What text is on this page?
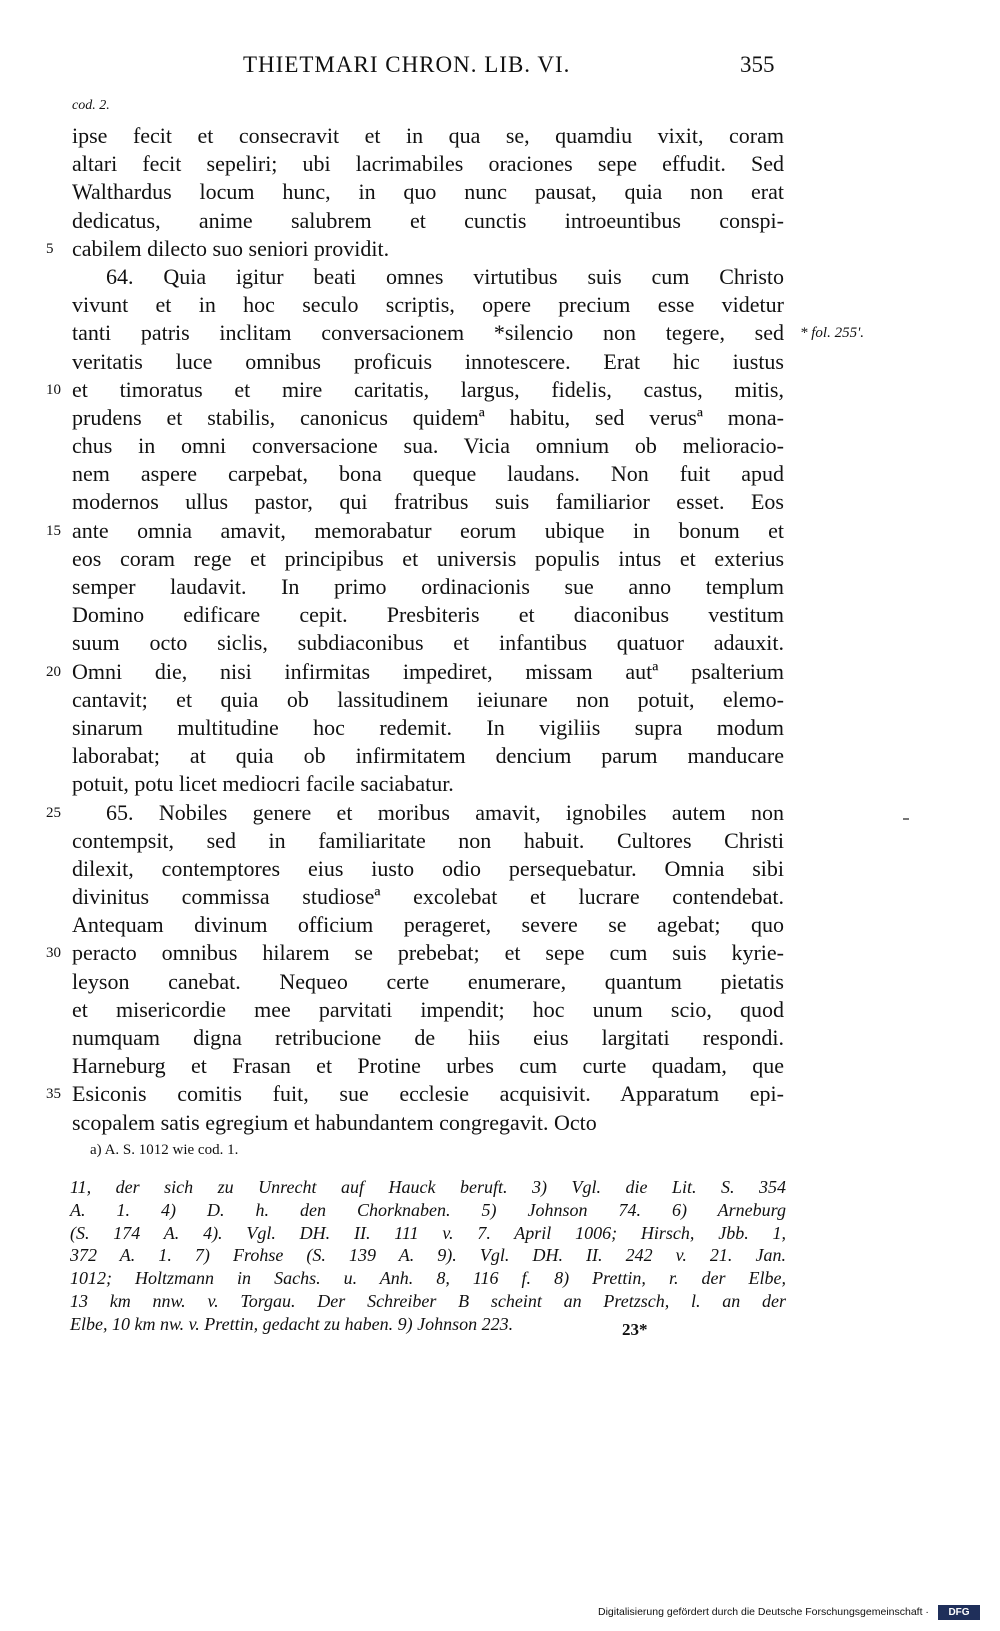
THIETMARI CHRON. LIB. VI.	355
cod. 2.
ipse fecit et consecravit et in qua se, quamdiu vixit, coram
altari fecit sepeliri; ubi lacrimabiles oraciones sepe effudit. Sed
Walthardus locum hunc, in quo nunc pausat, quia non erat
dedicatus, anime salubrem et cunctis introeuntibus conspi-
5 cabilem dilecto suo seniori providit.
64. Quia igitur beati omnes virtutibus suis cum Christo
vivunt et in hoc seculo scriptis, opere precium esse videtur
tanti patris inclitam conversacionem *silencio non tegere, sed
veritatis luce omnibus proficuis innotescere. Erat hic iustus
10 et timoratus et mire caritatis, largus, fidelis, castus, mitis,
prudens et stabilis, canonicus quidemª habitu, sed verusª mona-
chus in omni conversacione sua. Vicia omnium ob melioracio-
nem aspere carpebat, bona queque laudans. Non fuit apud
modernos ullus pastor, qui fratribus suis familiarior esset. Eos
15 ante omnia amavit, memorabatur eorum ubique in bonum et
eos coram rege et principibus et universis populis intus et exterius
semper laudavit. In primo ordinacionis sue anno templum
Domino edificare cepit. Presbiteris et diaconibus vestitum
suum octo siclis, subdiaconibus et infantibus quatuor adauxit.
20 Omni die, nisi infirmitas impediret, missam autª psalterium
cantavit; et quia ob lassitudinem ieiunare non potuit, elemo-
sinarum multitudine hoc redemit. In vigiliis supra modum
laborabat; at quia ob infirmitatem dencium parum manducare
potuit, potu licet mediocri facile saciabatur.
25 65. Nobiles genere et moribus amavit, ignobiles autem non
contempsit, sed in familiaritate non habuit. Cultores Christi
dilexit, contemptores eius iusto odio persequebatur. Omnia sibi
divinitus commissa studioseª excolebat et lucrare contendebat.
Antequam divinum officium perageret, severe se agebat; quo
30 peracto omnibus hilarem se prebebat; et sepe cum suis kyrie-
leyson canebat. Nequeo certe enumerare, quantum pietatis
et misericordie mee parvitati impendit; hoc unum scio, quod
numquam digna retribucione de hiis eius largitati respondi.
Harneburg et Frasan et Protine urbes cum curte quadam, que
35 Esiconis comitis fuit, sue ecclesie acquisivit. Apparatum epi-
scopalem satis egregium et habundantem congregavit. Octo
* fol. 255'.
a) A. S. 1012 wie cod. 1.
11, der sich zu Unrecht auf Hauck beruft. 3) Vgl. die Lit. S. 354
A. 1. 4) D. h. den Chorknaben. 5) Johnson 74. 6) Arneburg
(S. 174 A. 4). Vgl. DH. II. 111 v. 7. April 1006; Hirsch, Jbb. 1,
372 A. 1. 7) Frohse (S. 139 A. 9). Vgl. DH. II. 242 v. 21. Jan.
1012; Holtzmann in Sachs. u. Anh. 8, 116 f. 8) Prettin, r. der Elbe,
13 km nnw. v. Torgau. Der Schreiber B scheint an Pretzsch, l. an der
Elbe, 10 km nw. v. Prettin, gedacht zu haben. 9) Johnson 223.	23*
Digitalisierung gefördert durch die Deutsche Forschungsgemeinschaft ·	DFG
